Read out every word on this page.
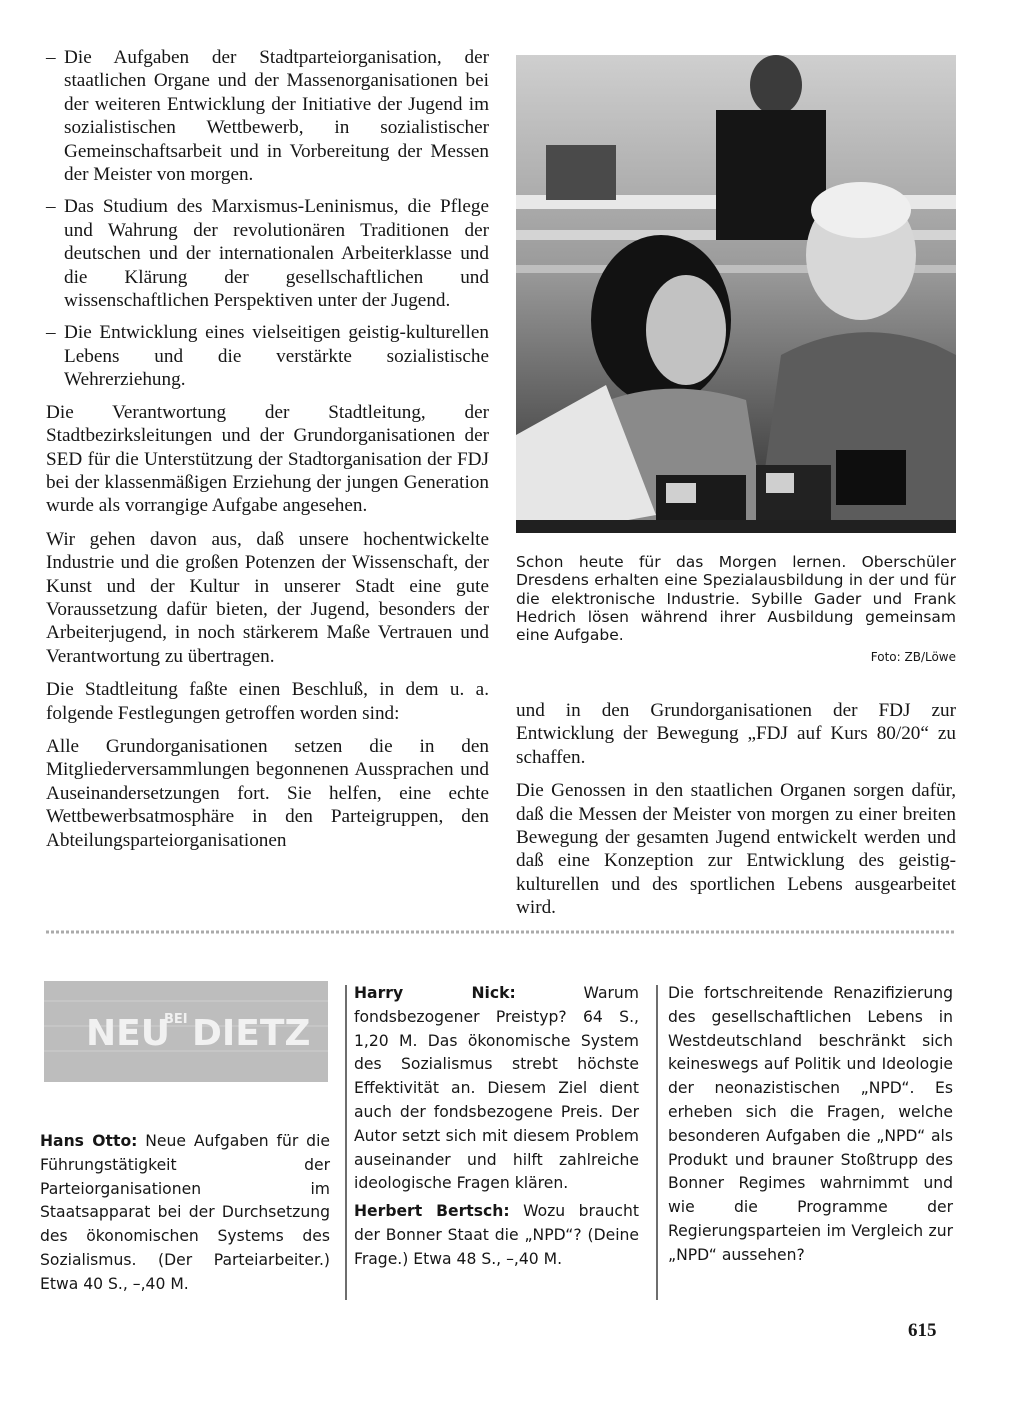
– Die Aufgaben der Stadtparteiorganisation, der staatlichen Organe und der Massenorganisationen bei der weiteren Entwicklung der Initiative der Jugend im sozialistischen Wettbewerb, in sozialistischer Gemeinschaftsarbeit und in Vorbereitung der Messen der Meister von morgen.
– Das Studium des Marxismus-Leninismus, die Pflege und Wahrung der revolutionären Traditionen der deutschen und der internationalen Arbeiterklasse und die Klärung der gesellschaftlichen und wissenschaftlichen Perspektiven unter der Jugend.
– Die Entwicklung eines vielseitigen geistig-kulturellen Lebens und die verstärkte sozialistische Wehrerziehung.

Die Verantwortung der Stadtleitung, der Stadtbezirksleitungen und der Grundorganisationen der SED für die Unterstützung der Stadtorganisation der FDJ bei der klassenmäßigen Erziehung der jungen Generation wurde als vorrangige Aufgabe angesehen.

Wir gehen davon aus, daß unsere hochentwickelte Industrie und die großen Potenzen der Wissenschaft, der Kunst und der Kultur in unserer Stadt eine gute Voraussetzung dafür bieten, der Jugend, besonders der Arbeiterjugend, in noch stärkerem Maße Vertrauen und Verantwortung zu übertragen.

Die Stadtleitung faßte einen Beschluß, in dem u. a. folgende Festlegungen getroffen worden sind:

Alle Grundorganisationen setzen die in den Mitgliederversammlungen begonnenen Aussprachen und Auseinandersetzungen fort. Sie helfen, eine echte Wettbewerbsatmosphäre in den Parteigruppen, den Abteilungsparteiorganisationen

Schon heute für das Morgen lernen. Oberschüler Dresdens erhalten eine Spezialausbildung in der und für die elektronische Industrie. Sybille Gader und Frank Hedrich lösen während ihrer Ausbildung gemeinsam eine Aufgabe.
Foto: ZB/Löwe

und in den Grundorganisationen der FDJ zur Entwicklung der Bewegung „FDJ auf Kurs 80/20“ zu schaffen.

Die Genossen in den staatlichen Organen sorgen dafür, daß die Messen der Meister von morgen zu einer breiten Bewegung der gesamten Jugend entwickelt werden und daß eine Konzeption zur Entwicklung des geistig-kulturellen und des sportlichen Lebens ausgearbeitet wird.

NEU
BEI DIETZ

Hans Otto: Neue Aufgaben für die Führungstätigkeit der Parteiorganisationen im Staatsapparat bei der Durchsetzung des ökonomischen Systems des Sozialismus. (Der Parteiarbeiter.) Etwa 40 S., –,40 M.

Harry Nick: Warum fondsbezogener Preistyp? 64 S., 1,20 M. Das ökonomische System des Sozialismus strebt höchste Effektivität an. Diesem Ziel dient auch der fondsbezogene Preis. Der Autor setzt sich mit diesem Problem auseinander und hilft zahlreiche ideologische Fragen klären.

Herbert Bertsch: Wozu braucht der Bonner Staat die „NPD“? (Deine Frage.) Etwa 48 S., –,40 M.

Die fortschreitende Renazifizierung des gesellschaftlichen Lebens in Westdeutschland beschränkt sich keineswegs auf Politik und Ideologie der neonazistischen „NPD“. Es erheben sich die Fragen, welche besonderen Aufgaben die „NPD“ als Produkt und brauner Stoßtrupp des Bonner Regimes wahrnimmt und wie die Programme der Regierungsparteien im Vergleich zur „NPD“ aussehen?

615
